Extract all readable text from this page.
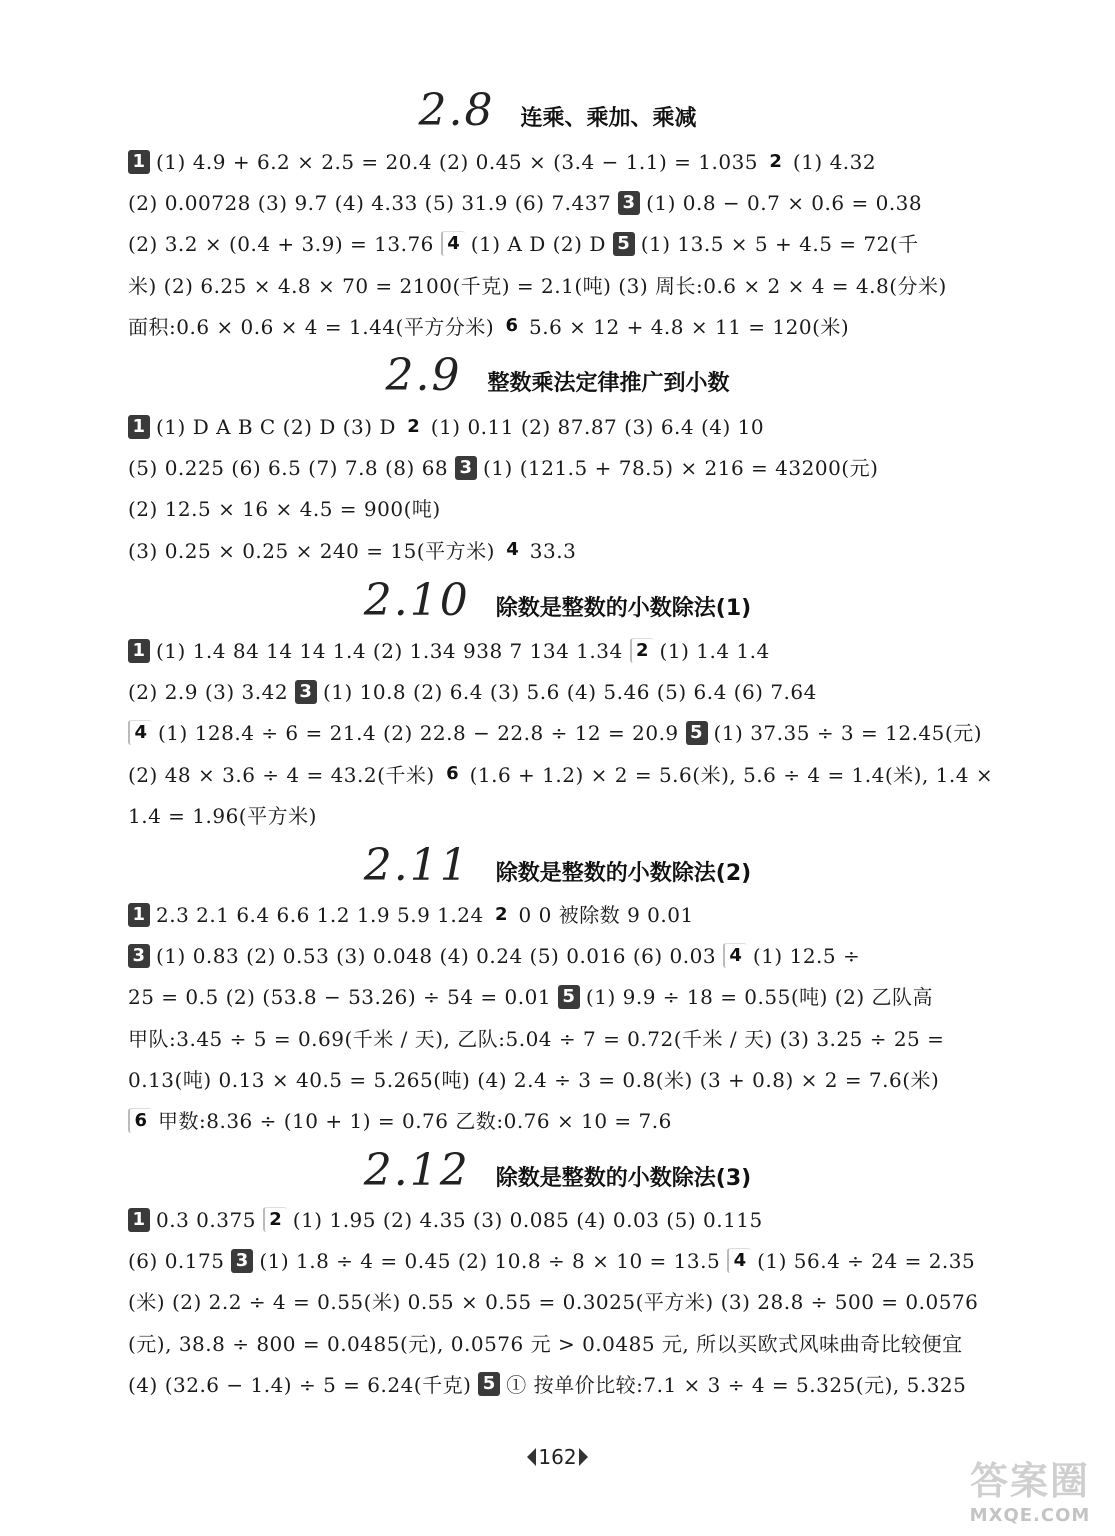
2.8 连乘、乘加、乘减
1 (1) 4.9 + 6.2 × 2.5 = 20.4 (2) 0.45 × (3.4 − 1.1) = 1.035 2 (1) 4.32
(2) 0.00728 (3) 9.7 (4) 4.33 (5) 31.9 (6) 7.437 3 (1) 0.8 − 0.7 × 0.6 = 0.38
(2) 3.2 × (0.4 + 3.9) = 13.76 4 (1) A D (2) D 5 (1) 13.5 × 5 + 4.5 = 72(千
米) (2) 6.25 × 4.8 × 70 = 2100(千克) = 2.1(吨) (3) 周长:0.6 × 2 × 4 = 4.8(分米)
面积:0.6 × 0.6 × 4 = 1.44(平方分米) 6 5.6 × 12 + 4.8 × 11 = 120(米)
2.9 整数乘法定律推广到小数
1 (1) D A B C (2) D (3) D 2 (1) 0.11 (2) 87.87 (3) 6.4 (4) 10
(5) 0.225 (6) 6.5 (7) 7.8 (8) 68 3 (1) (121.5 + 78.5) × 216 = 43200(元)
(2) 12.5 × 16 × 4.5 = 900(吨)
(3) 0.25 × 0.25 × 240 = 15(平方米) 4 33.3
2.10 除数是整数的小数除法(1)
1 (1) 1.4 84 14 14 1.4 (2) 1.34 938 7 134 1.34 2 (1) 1.4 1.4
(2) 2.9 (3) 3.42 3 (1) 10.8 (2) 6.4 (3) 5.6 (4) 5.46 (5) 6.4 (6) 7.64
4 (1) 128.4 ÷ 6 = 21.4 (2) 22.8 − 22.8 ÷ 12 = 20.9 5 (1) 37.35 ÷ 3 = 12.45(元)
(2) 48 × 3.6 ÷ 4 = 43.2(千米) 6 (1.6 + 1.2) × 2 = 5.6(米), 5.6 ÷ 4 = 1.4(米), 1.4 ×
1.4 = 1.96(平方米)
2.11 除数是整数的小数除法(2)
1 2.3 2.1 6.4 6.6 1.2 1.9 5.9 1.24 2 0 0 被除数 9 0.01
3 (1) 0.83 (2) 0.53 (3) 0.048 (4) 0.24 (5) 0.016 (6) 0.03 4 (1) 12.5 ÷
25 = 0.5 (2) (53.8 − 53.26) ÷ 54 = 0.01 5 (1) 9.9 ÷ 18 = 0.55(吨) (2) 乙队高
甲队:3.45 ÷ 5 = 0.69(千米 / 天), 乙队:5.04 ÷ 7 = 0.72(千米 / 天) (3) 3.25 ÷ 25 =
0.13(吨) 0.13 × 40.5 = 5.265(吨) (4) 2.4 ÷ 3 = 0.8(米) (3 + 0.8) × 2 = 7.6(米)
6 甲数:8.36 ÷ (10 + 1) = 0.76 乙数:0.76 × 10 = 7.6
2.12 除数是整数的小数除法(3)
1 0.3 0.375 2 (1) 1.95 (2) 4.35 (3) 0.085 (4) 0.03 (5) 0.115
(6) 0.175 3 (1) 1.8 ÷ 4 = 0.45 (2) 10.8 ÷ 8 × 10 = 13.5 4 (1) 56.4 ÷ 24 = 2.35
(米) (2) 2.2 ÷ 4 = 0.55(米) 0.55 × 0.55 = 0.3025(平方米) (3) 28.8 ÷ 500 = 0.0576
(元), 38.8 ÷ 800 = 0.0485(元), 0.0576 元 > 0.0485 元, 所以买欧式风味曲奇比较便宜
(4) (32.6 − 1.4) ÷ 5 = 6.24(千克) 5 ① 按单价比较:7.1 × 3 ÷ 4 = 5.325(元), 5.325
162
答案圈
MXQE.COM
